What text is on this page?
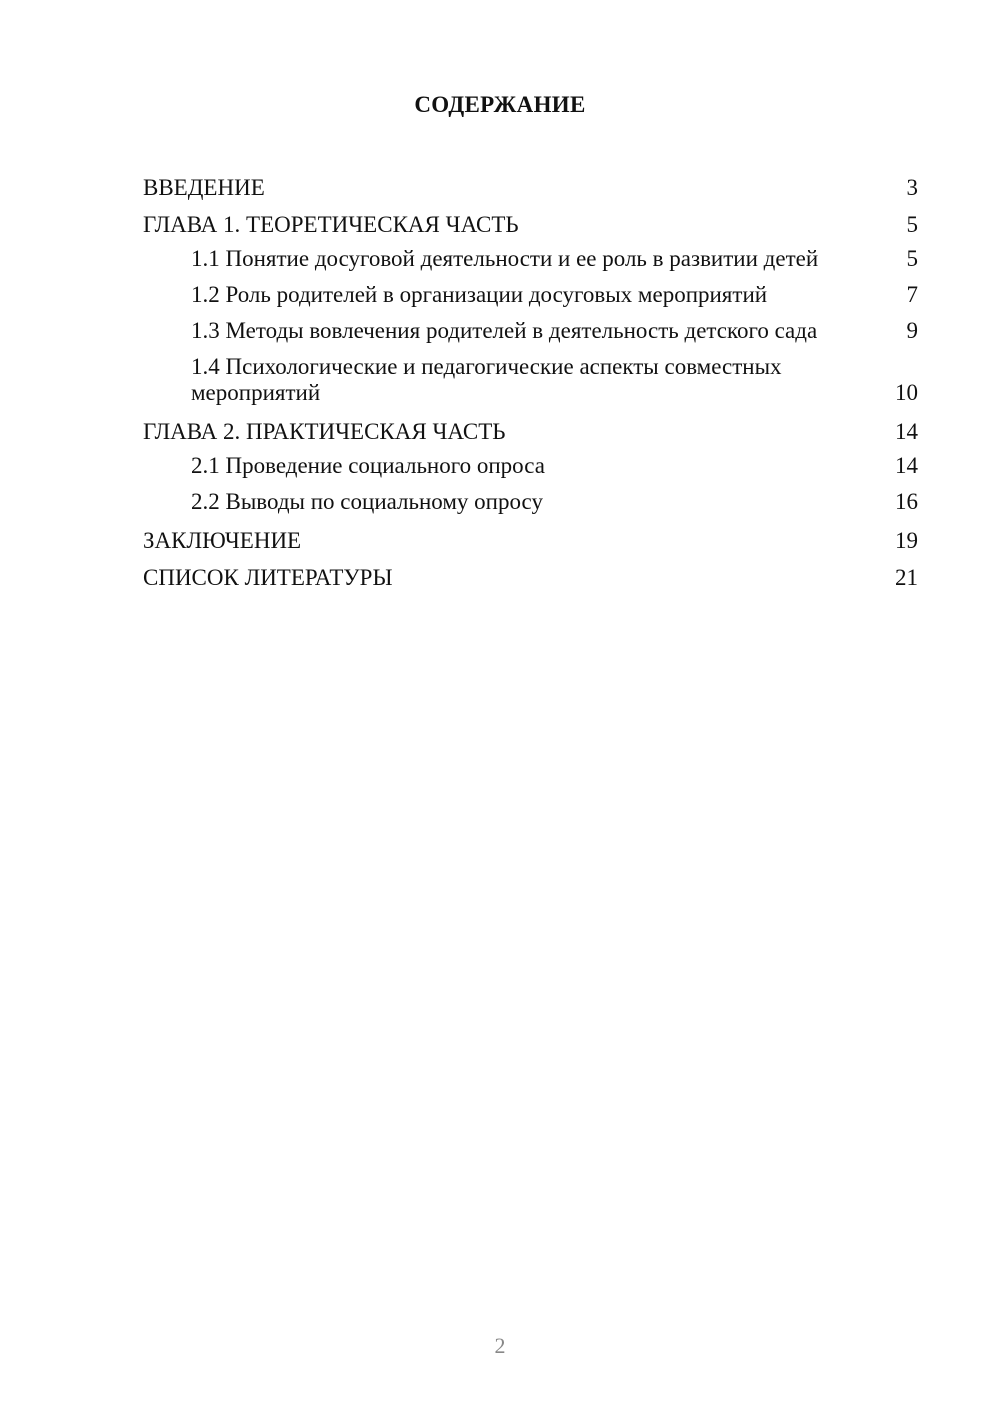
СОДЕРЖАНИЕ
ВВЕДЕНИЕ	3
ГЛАВА 1. ТЕОРЕТИЧЕСКАЯ ЧАСТЬ	5
1.1 Понятие досуговой деятельности и ее роль в развитии детей	5
1.2 Роль родителей в организации досуговых мероприятий	7
1.3 Методы вовлечения родителей в деятельность детского сада	9
1.4 Психологические и педагогические аспекты совместных мероприятий	10
ГЛАВА 2. ПРАКТИЧЕСКАЯ ЧАСТЬ	14
2.1 Проведение социального опроса	14
2.2 Выводы по социальному опросу	16
ЗАКЛЮЧЕНИЕ	19
СПИСОК ЛИТЕРАТУРЫ	21
2
